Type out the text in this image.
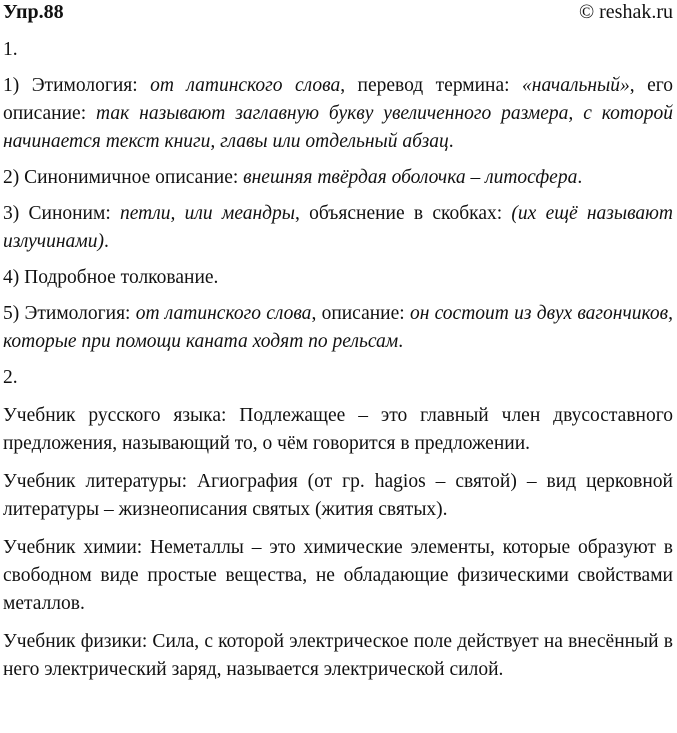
Упр.88	© reshak.ru

1.

1) Этимология: от латинского слова, перевод термина: «начальный», его описание: так называют заглавную букву увеличенного размера, с которой начинается текст книги, главы или отдельный абзац.

2) Синонимичное описание: внешняя твёрдая оболочка – литосфера.

3) Синоним: петли, или меандры, объяснение в скобках: (их ещё называют излучинами).

4) Подробное толкование.

5) Этимология: от латинского слова, описание: он состоит из двух вагончиков, которые при помощи каната ходят по рельсам.

2.

Учебник русского языка: Подлежащее – это главный член двусоставного предложения, называющий то, о чём говорится в предложении.

Учебник литературы: Агиография (от гр. hagios – святой) – вид церковной литературы – жизнеописания святых (жития святых).

Учебник химии: Неметаллы – это химические элементы, которые образуют в свободном виде простые вещества, не обладающие физическими свойствами металлов.

Учебник физики: Сила, с которой электрическое поле действует на внесённый в него электрический заряд, называется электрической силой.
